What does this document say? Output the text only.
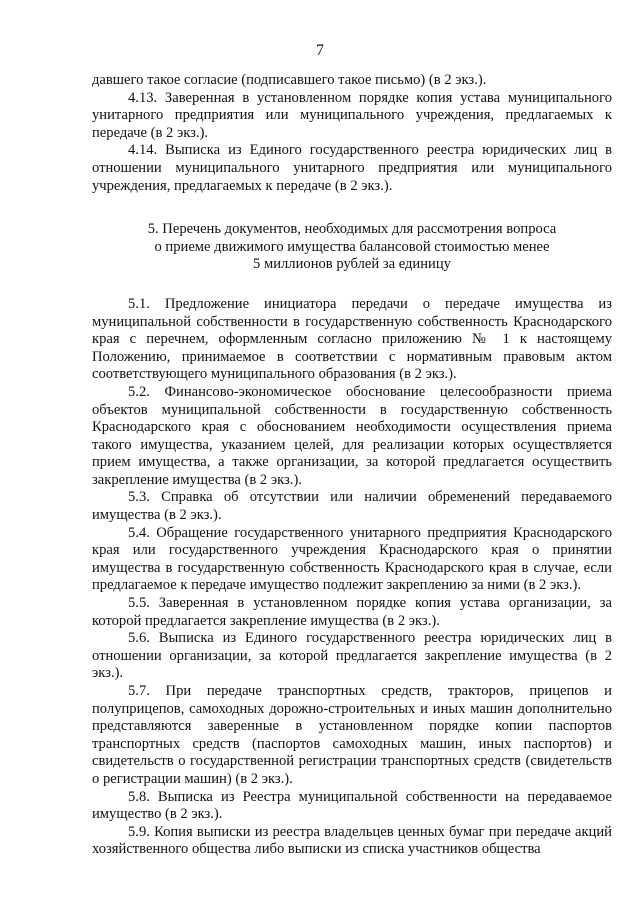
7

давшего такое согласие (подписавшего такое письмо) (в 2 экз.).

4.13. Заверенная в установленном порядке копия устава муниципального унитарного предприятия или муниципального учреждения, предлагаемых к передаче (в 2 экз.).

4.14. Выписка из Единого государственного реестра юридических лиц в отношении муниципального унитарного предприятия или муниципального учреждения, предлагаемых к передаче (в 2 экз.).

5. Перечень документов, необходимых для рассмотрения вопроса
о приеме движимого имущества балансовой стоимостью менее
5 миллионов рублей за единицу

5.1. Предложение инициатора передачи о передаче имущества из муниципальной собственности в государственную собственность Краснодарского края с перечнем, оформленным согласно приложению № 1 к настоящему Положению, принимаемое в соответствии с нормативным правовым актом соответствующего муниципального образования (в 2 экз.).

5.2. Финансово-экономическое обоснование целесообразности приема объектов муниципальной собственности в государственную собственность Краснодарского края с обоснованием необходимости осуществления приема такого имущества, указанием целей, для реализации которых осуществляется прием имущества, а также организации, за которой предлагается осуществить закрепление имущества (в 2 экз.).

5.3. Справка об отсутствии или наличии обременений передаваемого имущества (в 2 экз.).

5.4. Обращение государственного унитарного предприятия Краснодарского края или государственного учреждения Краснодарского края о принятии имущества в государственную собственность Краснодарского края в случае, если предлагаемое к передаче имущество подлежит закреплению за ними (в 2 экз.).

5.5. Заверенная в установленном порядке копия устава организации, за которой предлагается закрепление имущества (в 2 экз.).

5.6. Выписка из Единого государственного реестра юридических лиц в отношении организации, за которой предлагается закрепление имущества (в 2 экз.).

5.7. При передаче транспортных средств, тракторов, прицепов и полуприцепов, самоходных дорожно-строительных и иных машин дополнительно представляются заверенные в установленном порядке копии паспортов транспортных средств (паспортов самоходных машин, иных паспортов) и свидетельств о государственной регистрации транспортных средств (свидетельств о регистрации машин) (в 2 экз.).

5.8. Выписка из Реестра муниципальной собственности на передаваемое имущество (в 2 экз.).

5.9. Копия выписки из реестра владельцев ценных бумаг при передаче акций хозяйственного общества либо выписки из списка участников общества
